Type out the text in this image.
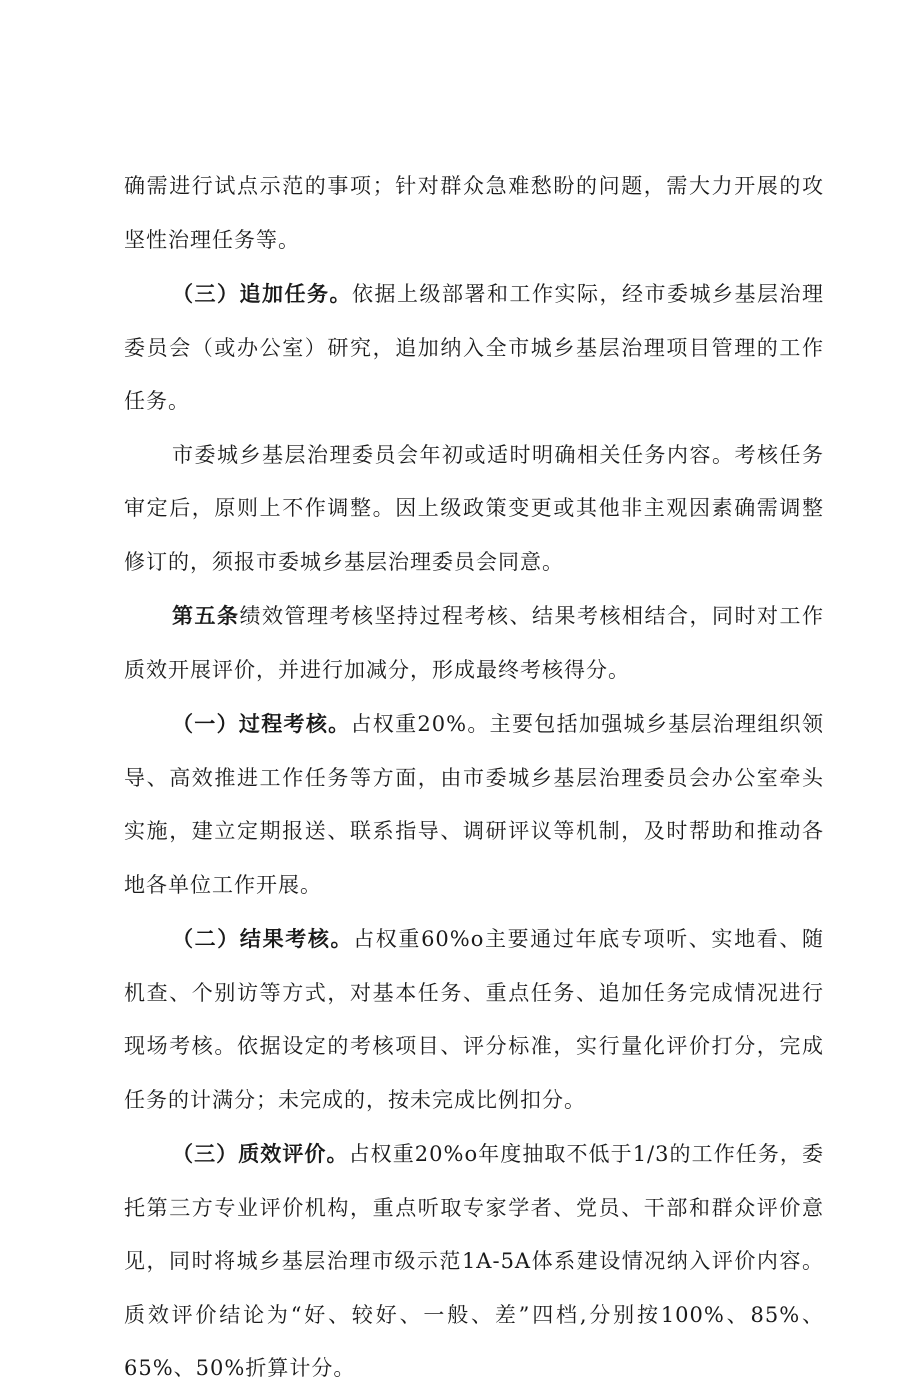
确需进行试点示范的事项；针对群众急难愁盼的问题，需大力开展的攻坚性治理任务等。

（三）追加任务。依据上级部署和工作实际，经市委城乡基层治理委员会（或办公室）研究，追加纳入全市城乡基层治理项目管理的工作任务。

市委城乡基层治理委员会年初或适时明确相关任务内容。考核任务审定后，原则上不作调整。因上级政策变更或其他非主观因素确需调整修订的，须报市委城乡基层治理委员会同意。

第五条绩效管理考核坚持过程考核、结果考核相结合，同时对工作质效开展评价，并进行加减分，形成最终考核得分。

（一）过程考核。占权重20%。主要包括加强城乡基层治理组织领导、高效推进工作任务等方面，由市委城乡基层治理委员会办公室牵头实施，建立定期报送、联系指导、调研评议等机制，及时帮助和推动各地各单位工作开展。

（二）结果考核。占权重60%o主要通过年底专项听、实地看、随机查、个别访等方式，对基本任务、重点任务、追加任务完成情况进行现场考核。依据设定的考核项目、评分标准，实行量化评价打分，完成任务的计满分；未完成的，按未完成比例扣分。

（三）质效评价。占权重20%o年度抽取不低于1/3的工作任务，委托第三方专业评价机构，重点听取专家学者、党员、干部和群众评价意见，同时将城乡基层治理市级示范1A-5A体系建设情况纳入评价内容。质效评价结论为“好、较好、一般、差”四档,分别按100%、85%、65%、50%折算计分。
